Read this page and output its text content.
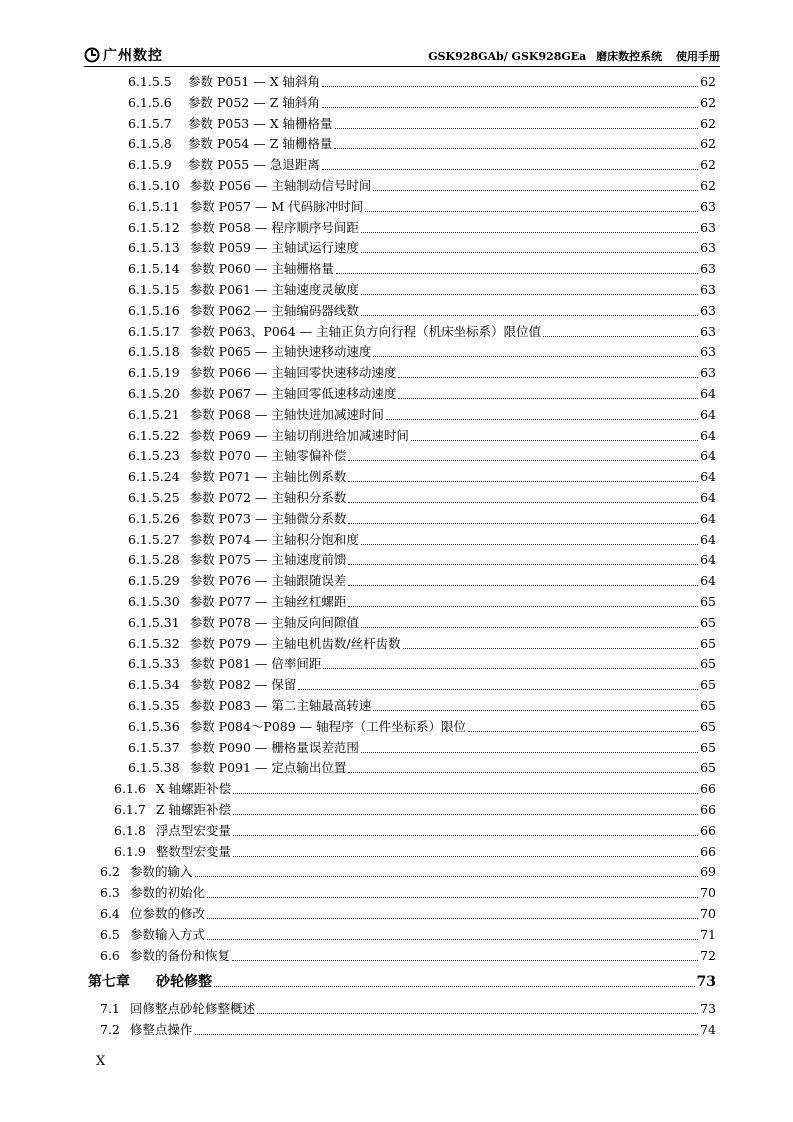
广州数控	GSK928GAb/ GSK928GEa 磨床数控系统 使用手册
6.1.5.5	参数 P051 — X 轴斜角	62
6.1.5.6	参数 P052 — Z 轴斜角	62
6.1.5.7	参数 P053 — X 轴栅格量	62
6.1.5.8	参数 P054 — Z 轴栅格量	62
6.1.5.9	参数 P055 — 急退距离	62
6.1.5.10 参数 P056 — 主轴制动信号时间	62
6.1.5.11 参数 P057 — M 代码脉冲时间	63
6.1.5.12 参数 P058 — 程序顺序号间距	63
6.1.5.13 参数 P059 — 主轴试运行速度	63
6.1.5.14 参数 P060 — 主轴栅格量	63
6.1.5.15 参数 P061 — 主轴速度灵敏度	63
6.1.5.16 参数 P062 — 主轴编码器线数	63
6.1.5.17 参数 P063、P064 — 主轴正负方向行程（机床坐标系）限位值	63
6.1.5.18 参数 P065 — 主轴快速移动速度	63
6.1.5.19 参数 P066 — 主轴回零快速移动速度	63
6.1.5.20 参数 P067 — 主轴回零低速移动速度	64
6.1.5.21 参数 P068 — 主轴快进加减速时间	64
6.1.5.22 参数 P069 — 主轴切削进给加减速时间	64
6.1.5.23 参数 P070 — 主轴零偏补偿	64
6.1.5.24 参数 P071 — 主轴比例系数	64
6.1.5.25 参数 P072 — 主轴积分系数	64
6.1.5.26 参数 P073 — 主轴微分系数	64
6.1.5.27 参数 P074 — 主轴积分饱和度	64
6.1.5.28 参数 P075 — 主轴速度前馈	64
6.1.5.29 参数 P076 — 主轴跟随误差	64
6.1.5.30 参数 P077 — 主轴丝杠螺距	65
6.1.5.31 参数 P078 — 主轴反向间隙值	65
6.1.5.32 参数 P079 — 主轴电机齿数/丝杆齿数	65
6.1.5.33 参数 P081 — 倍率间距	65
6.1.5.34 参数 P082 — 保留	65
6.1.5.35 参数 P083 — 第二主轴最高转速	65
6.1.5.36 参数 P084～P089 — 轴程序（工件坐标系）限位	65
6.1.5.37 参数 P090 — 栅格量误差范围	65
6.1.5.38 参数 P091 — 定点输出位置	65
6.1.6 X 轴螺距补偿	66
6.1.7 Z 轴螺距补偿	66
6.1.8 浮点型宏变量	66
6.1.9 整数型宏变量	66
6.2 参数的输入	69
6.3 参数的初始化	70
6.4 位参数的修改	70
6.5 参数输入方式	71
6.6 参数的备份和恢复	72
第七章	砂轮修整	73
7.1 回修整点砂轮修整概述	73
7.2 修整点操作	74
X
